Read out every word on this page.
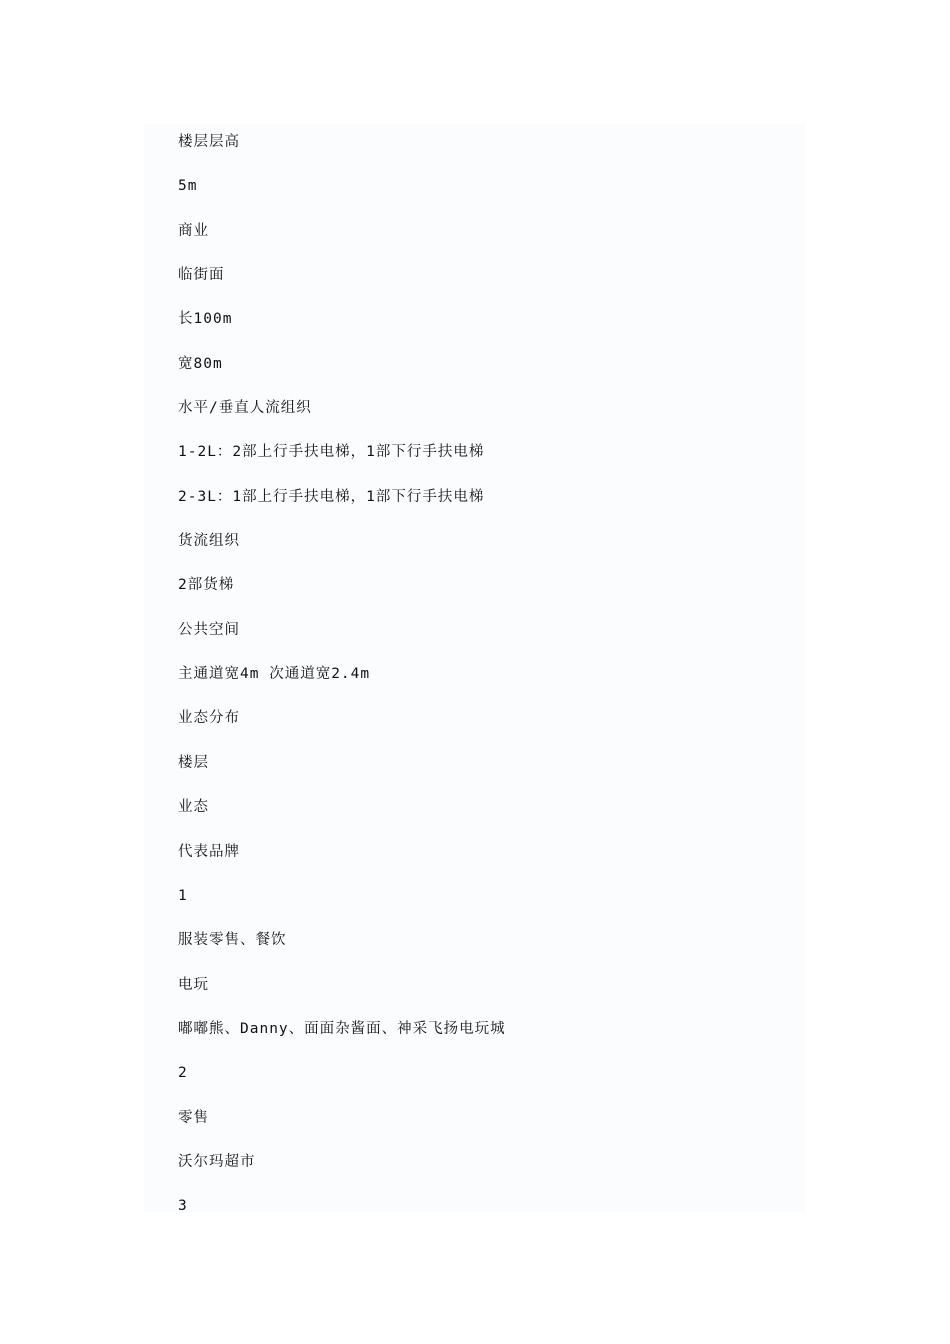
楼层层高
5m
商业
临街面
长100m
宽80m
水平/垂直人流组织
1-2L：2部上行手扶电梯，1部下行手扶电梯
2-3L：1部上行手扶电梯，1部下行手扶电梯
货流组织
2部货梯
公共空间
主通道宽4m 次通道宽2.4m
业态分布
楼层
业态
代表品牌
1
服装零售、餐饮
电玩
嘟嘟熊、Danny、面面杂酱面、神采飞扬电玩城
2
零售
沃尔玛超市
3
